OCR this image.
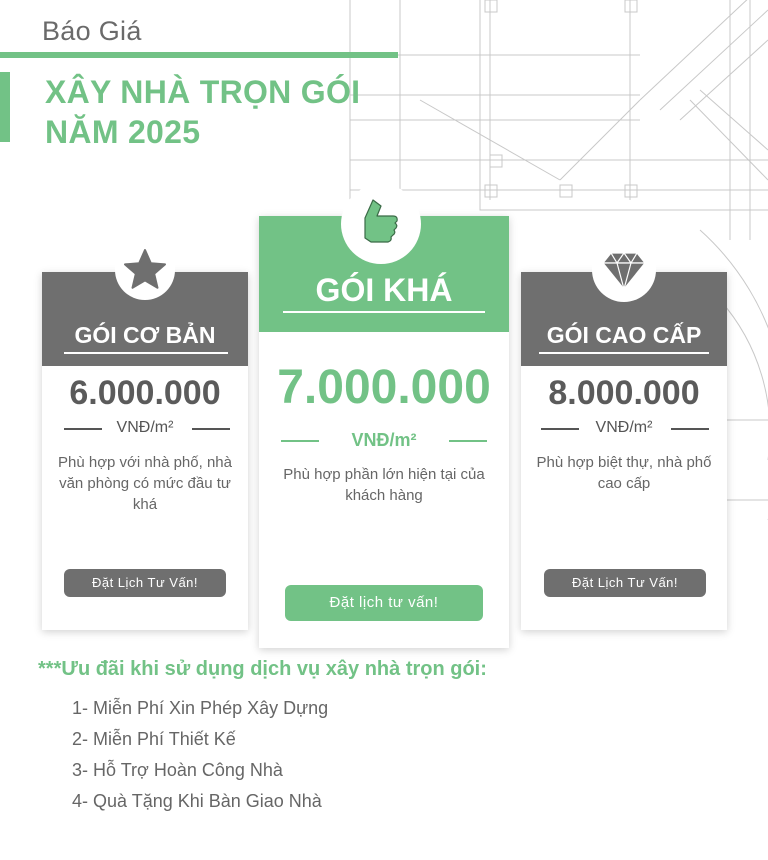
Báo Giá
XÂY NHÀ TRỌN GÓI
NĂM 2025
GÓI CƠ BẢN
6.000.000
VNĐ/m²
Phù hợp với nhà phố, nhà văn phòng có mức đầu tư khá
Đặt Lịch Tư Vấn!
GÓI KHÁ
7.000.000
VNĐ/m²
Phù hợp phần lớn hiện tại của khách hàng
Đặt lịch tư vấn!
GÓI CAO CẤP
8.000.000
VNĐ/m²
Phù hợp biệt thự, nhà phố cao cấp
Đặt Lịch Tư Vấn!
***Ưu đãi khi sử dụng dịch vụ xây nhà trọn gói:
1- Miễn Phí Xin Phép Xây Dựng
2- Miễn Phí Thiết Kế
3- Hỗ Trợ Hoàn Công Nhà
4- Quà Tặng Khi Bàn Giao Nhà
